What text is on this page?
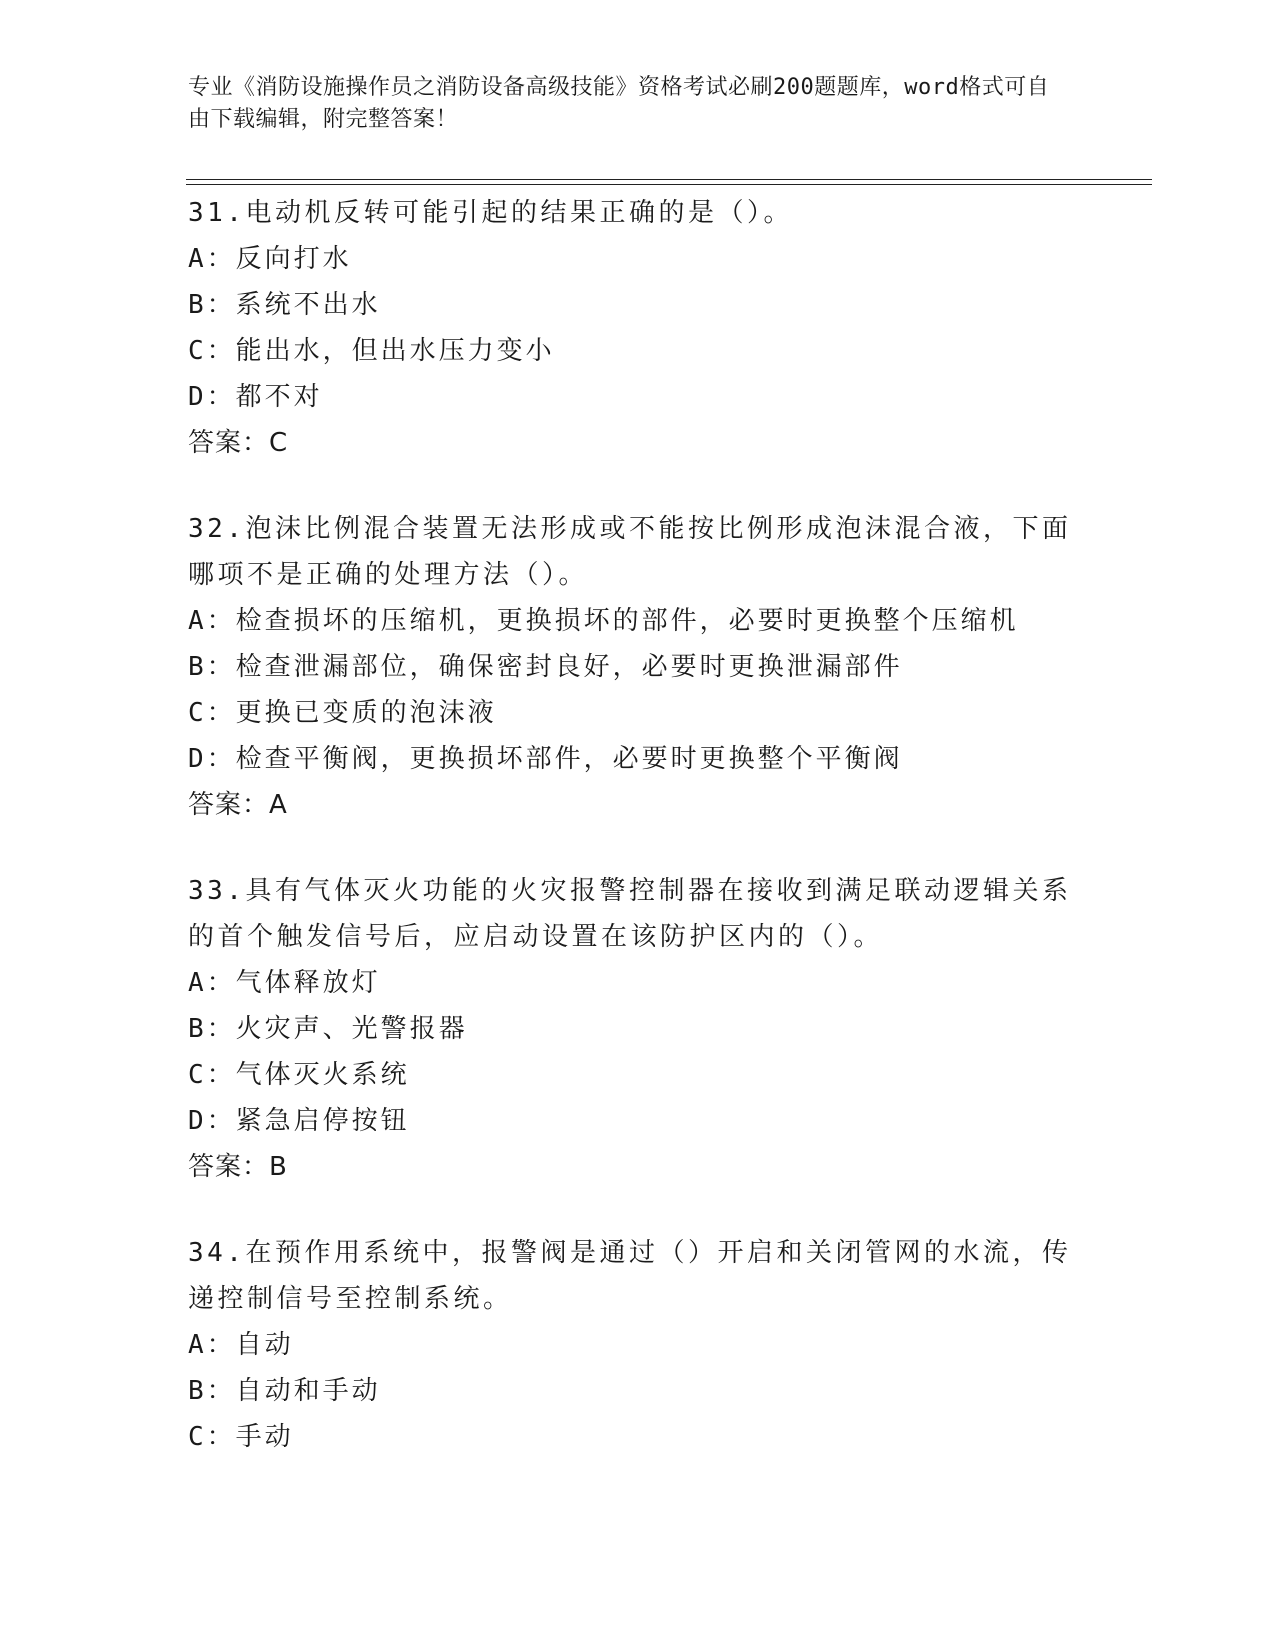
专业《消防设施操作员之消防设备高级技能》资格考试必刷200题题库，word格式可自由下载编辑，附完整答案！

31.电动机反转可能引起的结果正确的是（）。

A：反向打水

B：系统不出水

C：能出水，但出水压力变小

D：都不对

答案：C

32.泡沫比例混合装置无法形成或不能按比例形成泡沫混合液，下面哪项不是正确的处理方法（）。

A：检查损坏的压缩机，更换损坏的部件，必要时更换整个压缩机

B：检查泄漏部位，确保密封良好，必要时更换泄漏部件

C：更换已变质的泡沫液

D：检查平衡阀，更换损坏部件，必要时更换整个平衡阀

答案：A

33.具有气体灭火功能的火灾报警控制器在接收到满足联动逻辑关系的首个触发信号后，应启动设置在该防护区内的（）。

A：气体释放灯

B：火灾声、光警报器

C：气体灭火系统

D：紧急启停按钮

答案：B

34.在预作用系统中，报警阀是通过（）开启和关闭管网的水流，传递控制信号至控制系统。

A：自动

B：自动和手动

C：手动
